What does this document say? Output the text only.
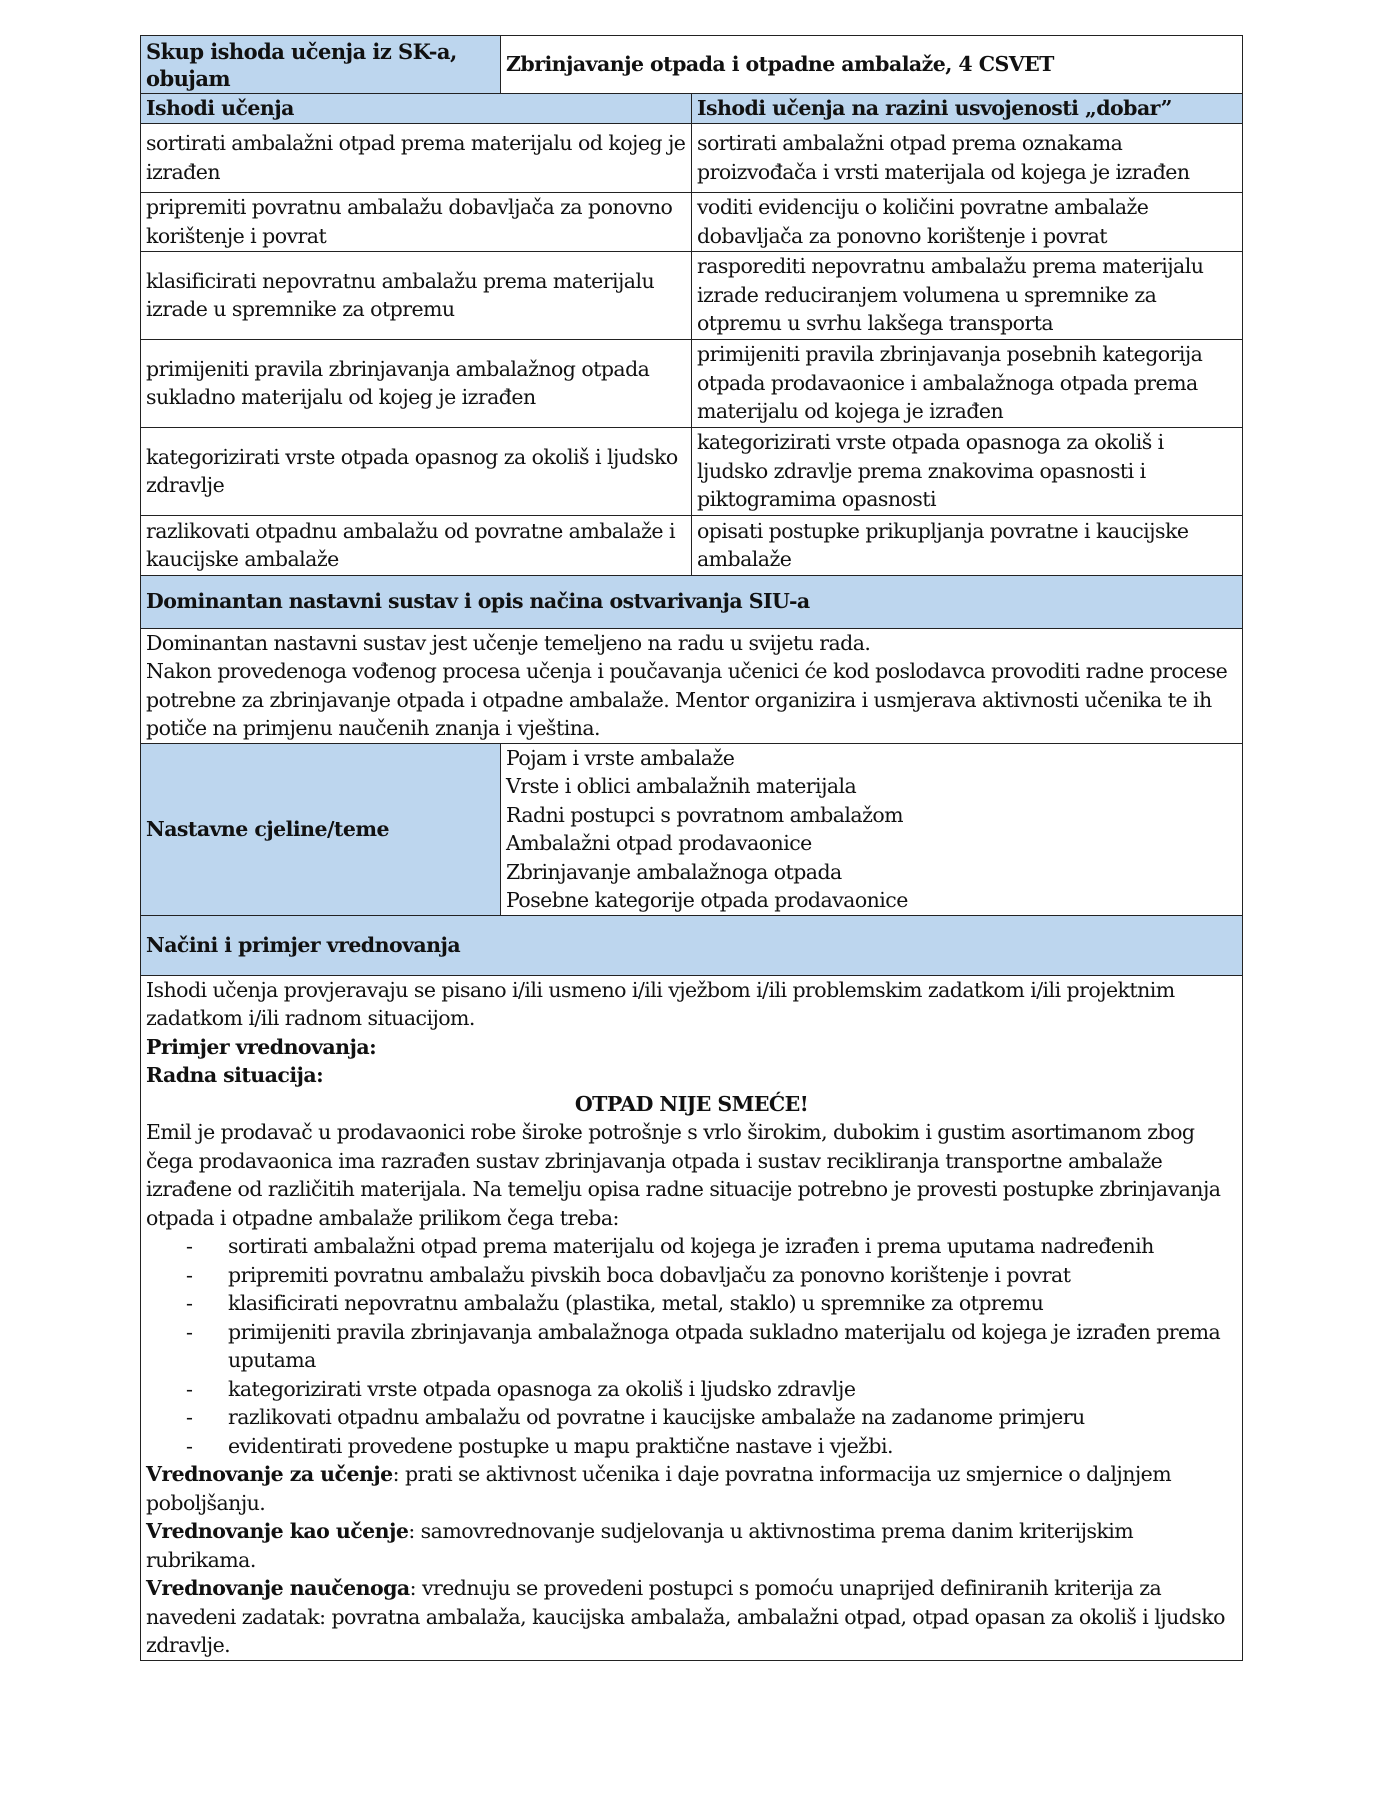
Skup ishoda učenja iz SK-a, obujam	Zbrinjavanje otpada i otpadne ambalaže, 4 CSVET	
Ishodi učenja		Ishodi učenja na razini usvojenosti „dobar”
sortirati ambalažni otpad prema materijalu od kojeg je izrađen		sortirati ambalažni otpad prema oznakama proizvođača i vrsti materijala od kojega je izrađen
pripremiti povratnu ambalažu dobavljača za ponovno korištenje i povrat		voditi evidenciju o količini povratne ambalaže dobavljača za ponovno korištenje i povrat
klasificirati nepovratnu ambalažu prema materijalu izrade u spremnike za otpremu		rasporediti nepovratnu ambalažu prema materijalu izrade reduciranjem volumena u spremnike za otpremu u svrhu lakšega transporta
primijeniti pravila zbrinjavanja ambalažnog otpada sukladno materijalu od kojeg je izrađen		primijeniti pravila zbrinjavanja posebnih kategorija otpada prodavaonice i ambalažnoga otpada prema materijalu od kojega je izrađen
kategorizirati vrste otpada opasnog za okoliš i ljudsko zdravlje		kategorizirati vrste otpada opasnoga za okoliš i ljudsko zdravlje prema znakovima opasnosti i piktogramima opasnosti
razlikovati otpadnu ambalažu od povratne ambalaže i kaucijske ambalaže		opisati postupke prikupljanja povratne i kaucijske ambalaže
Dominantan nastavni sustav i opis načina ostvarivanja SIU-a		

Dominantan nastavni sustav jest učenje temeljeno na radu u svijetu rada.
Nakon provedenoga vođenog procesa učenja i poučavanja učenici će kod poslodavca provoditi radne procese potrebne za zbrinjavanje otpada i otpadne ambalaže. Mentor organizira i usmjerava aktivnosti učenika te ih potiče na primjenu naučenih znanja i vještina.		

Nastavne cjeline/teme	
Pojam i vrste ambalaže
Vrste i oblici ambalažnih materijala
Radni postupci s povratnom ambalažom
Ambalažni otpad prodavaonice
Zbrinjavanje ambalažnoga otpada
Posebne kategorije otpada prodavaonice

Načini i primjer vrednovanja		

Ishodi učenja provjeravaju se pisano i/ili usmeno i/ili vježbom i/ili problemskim zadatkom i/ili projektnim zadatkom i/ili radnom situacijom.
Primjer vrednovanja:
Radna situacija:
OTPAD NIJE SMEĆE!
Emil je prodavač u prodavaonici robe široke potrošnje s vrlo širokim, dubokim i gustim asortimanom zbog čega prodavaonica ima razrađen sustav zbrinjavanja otpada i sustav recikliranja transportne ambalaže izrađene od različitih materijala. Na temelju opisa radne situacije potrebno je provesti postupke zbrinjavanja otpada i otpadne ambalaže prilikom čega treba:
- sortirati ambalažni otpad prema materijalu od kojega je izrađen i prema uputama nadređenih
- pripremiti povratnu ambalažu pivskih boca dobavljaču za ponovno korištenje i povrat
- klasificirati nepovratnu ambalažu (plastika, metal, staklo) u spremnike za otpremu
- primijeniti pravila zbrinjavanja ambalažnoga otpada sukladno materijalu od kojega je izrađen prema uputama
- kategorizirati vrste otpada opasnoga za okoliš i ljudsko zdravlje
- razlikovati otpadnu ambalažu od povratne i kaucijske ambalaže na zadanome primjeru
- evidentirati provedene postupke u mapu praktične nastave i vježbi.
Vrednovanje za učenje: prati se aktivnost učenika i daje povratna informacija uz smjernice o daljnjem poboljšanju.
Vrednovanje kao učenje: samovrednovanje sudjelovanja u aktivnostima prema danim kriterijskim rubrikama.
Vrednovanje naučenoga: vrednuju se provedeni postupci s pomoću unaprijed definiranih kriterija za navedeni zadatak: povratna ambalaža, kaucijska ambalaža, ambalažni otpad, otpad opasan za okoliš i ljudsko zdravlje.
